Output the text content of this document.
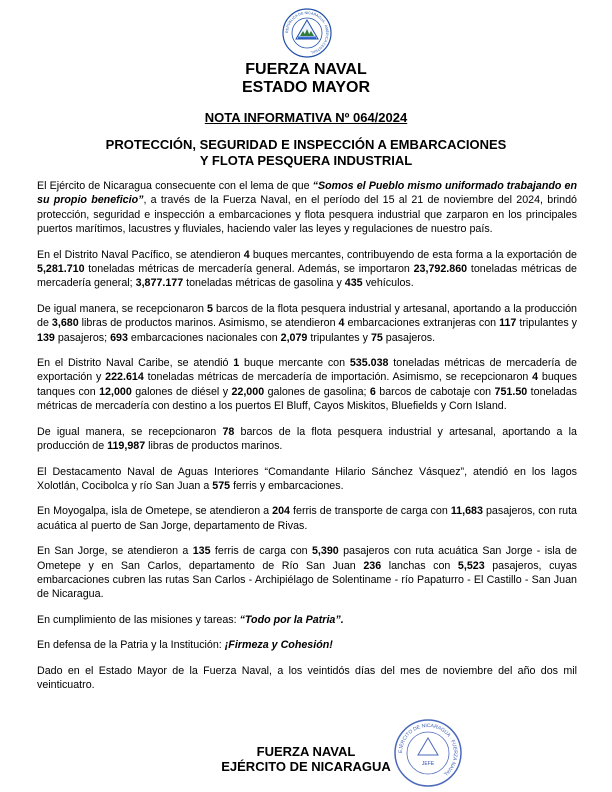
REPÚBLICA DE NICARAGUA · AMÉRICA CENTRAL
FUERZA NAVAL
ESTADO MAYOR
NOTA INFORMATIVA Nº 064/2024
PROTECCIÓN, SEGURIDAD E INSPECCIÓN A EMBARCACIONES
Y FLOTA PESQUERA INDUSTRIAL

El Ejército de Nicaragua consecuente con el lema de que “Somos el Pueblo mismo uniformado trabajando en su propio beneficio”, a través de la Fuerza Naval, en el período del 15 al 21 de noviembre del 2024, brindó protección, seguridad e inspección a embarcaciones y flota pesquera industrial que zarparon en los principales puertos marítimos, lacustres y fluviales, haciendo valer las leyes y regulaciones de nuestro país.

En el Distrito Naval Pacífico, se atendieron 4 buques mercantes, contribuyendo de esta forma a la exportación de 5,281.710 toneladas métricas de mercadería general. Además, se importaron 23,792.860 toneladas métricas de mercadería general; 3,877.177 toneladas métricas de gasolina y 435 vehículos.

De igual manera, se recepcionaron 5 barcos de la flota pesquera industrial y artesanal, aportando a la producción de 3,680 libras de productos marinos. Asimismo, se atendieron 4 embarcaciones extranjeras con 117 tripulantes y 139 pasajeros; 693 embarcaciones nacionales con 2,079 tripulantes y 75 pasajeros.

En el Distrito Naval Caribe, se atendió 1 buque mercante con 535.038 toneladas métricas de mercadería de exportación y 222.614 toneladas métricas de mercadería de importación. Asimismo, se recepcionaron 4 buques tanques con 12,000 galones de diésel y 22,000 galones de gasolina; 6 barcos de cabotaje con 751.50 toneladas métricas de mercadería con destino a los puertos El Bluff, Cayos Miskitos, Bluefields y Corn Island.

De igual manera, se recepcionaron 78 barcos de la flota pesquera industrial y artesanal, aportando a la producción de 119,987 libras de productos marinos.

El Destacamento Naval de Aguas Interiores “Comandante Hilario Sánchez Vásquez”, atendió en los lagos Xolotlán, Cocibolca y río San Juan a 575 ferris y embarcaciones.

En Moyogalpa, isla de Ometepe, se atendieron a 204 ferris de transporte de carga con 11,683 pasajeros, con ruta acuática al puerto de San Jorge, departamento de Rivas.

En San Jorge, se atendieron a 135 ferris de carga con 5,390 pasajeros con ruta acuática San Jorge - isla de Ometepe y en San Carlos, departamento de Río San Juan 236 lanchas con 5,523 pasajeros, cuyas embarcaciones cubren las rutas San Carlos - Archipiélago de Solentiname - río Papaturro - El Castillo - San Juan de Nicaragua.

En cumplimiento de las misiones y tareas: “Todo por la Patria”.

En defensa de la Patria y la Institución: ¡Firmeza y Cohesión!

Dado en el Estado Mayor de la Fuerza Naval, a los veintidós días del mes de noviembre del año dos mil veinticuatro.

FUERZA NAVAL
EJÉRCITO DE NICARAGUA
EJÉRCITO DE NICARAGUA · FUERZA NAVAL
JEFE
